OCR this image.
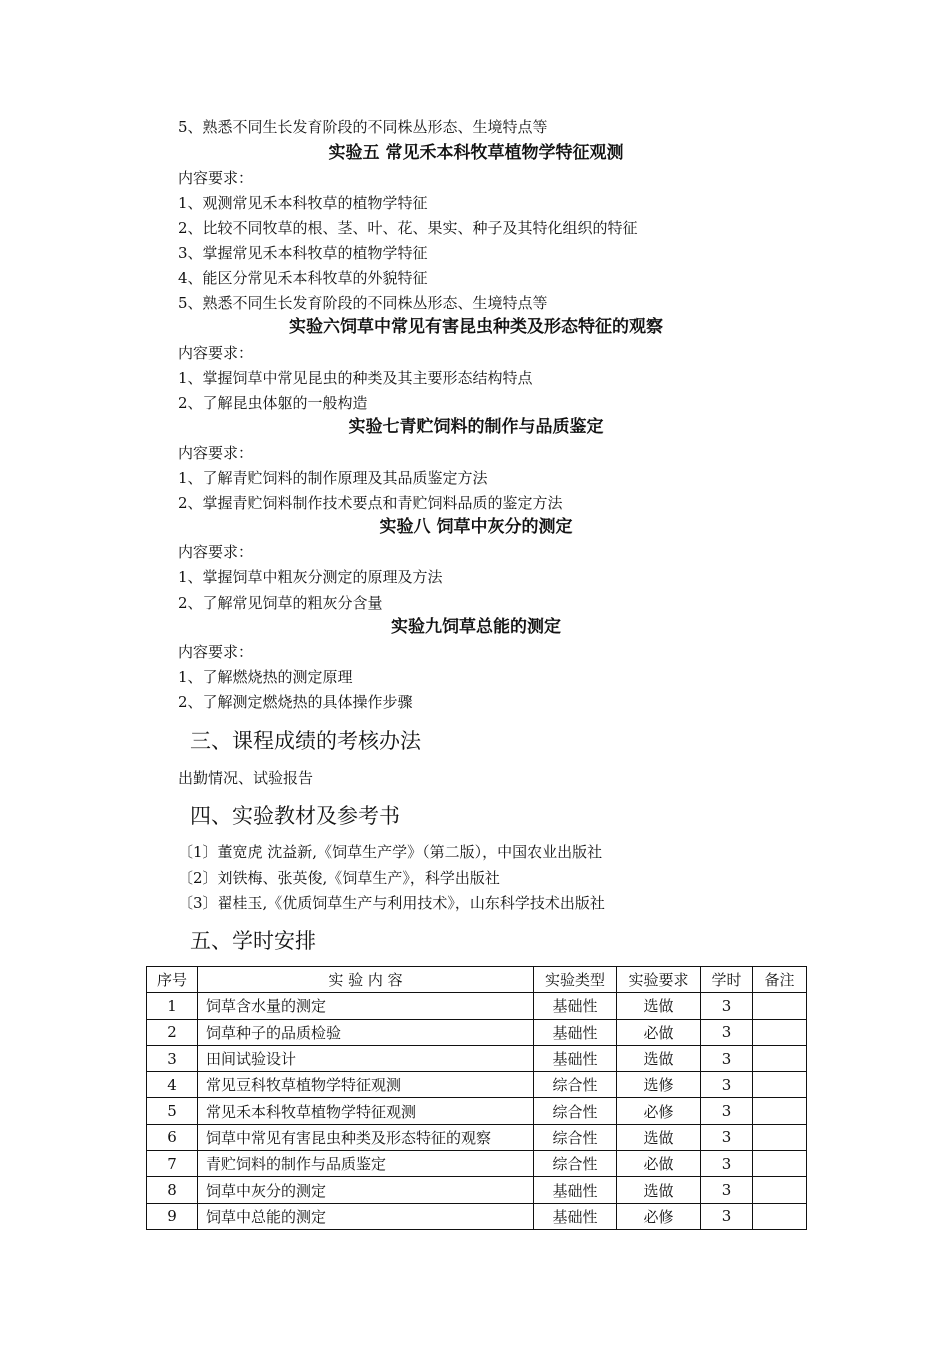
5、熟悉不同生长发育阶段的不同株丛形态、生境特点等
实验五 常见禾本科牧草植物学特征观测
内容要求：
1、观测常见禾本科牧草的植物学特征
2、比较不同牧草的根、茎、叶、花、果实、种子及其特化组织的特征
3、掌握常见禾本科牧草的植物学特征
4、能区分常见禾本科牧草的外貌特征
5、熟悉不同生长发育阶段的不同株丛形态、生境特点等
实验六饲草中常见有害昆虫种类及形态特征的观察
内容要求：
1、掌握饲草中常见昆虫的种类及其主要形态结构特点
2、了解昆虫体躯的一般构造
实验七青贮饲料的制作与品质鉴定
内容要求：
1、了解青贮饲料的制作原理及其品质鉴定方法
2、掌握青贮饲料制作技术要点和青贮饲料品质的鉴定方法
实验八 饲草中灰分的测定
内容要求：
1、掌握饲草中粗灰分测定的原理及方法
2、了解常见饲草的粗灰分含量
实验九饲草总能的测定
内容要求：
1、了解燃烧热的测定原理
2、了解测定燃烧热的具体操作步骤
三、课程成绩的考核办法
出勤情况、试验报告
四、实验教材及参考书
〔1〕董宽虎 沈益新,《饲草生产学》（第二版），中国农业出版社
〔2〕刘铁梅、张英俊,《饲草生产》，科学出版社
〔3〕翟桂玉,《优质饲草生产与利用技术》，山东科学技术出版社
五、学时安排
序号	实 验 内 容	实验类型	实验要求	学时	备注
1	饲草含水量的测定	基础性	选做	3	
2	饲草种子的品质检验	基础性	必做	3	
3	田间试验设计	基础性	选做	3	
4	常见豆科牧草植物学特征观测	综合性	选修	3	
5	常见禾本科牧草植物学特征观测	综合性	必修	3	
6	饲草中常见有害昆虫种类及形态特征的观察	综合性	选做	3	
7	青贮饲料的制作与品质鉴定	综合性	必做	3	
8	饲草中灰分的测定	基础性	选做	3	
9	饲草中总能的测定	基础性	必修	3	
